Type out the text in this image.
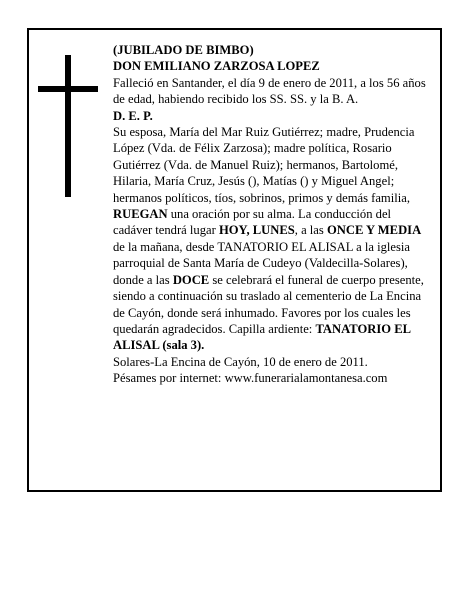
(JUBILADO DE BIMBO)

DON EMILIANO ZARZOSA LOPEZ

Falleció en Santander, el día 9 de enero de 2011, a los 56 años de edad, habiendo recibido los SS. SS. y la B. A.

D. E. P.

Su esposa, María del Mar Ruiz Gutiérrez; madre, Prudencia López (Vda. de Félix Zarzosa); madre política, Rosario Gutiérrez (Vda. de Manuel Ruiz); hermanos, Bartolomé, Hilaria, María Cruz, Jesús (), Matías () y Miguel Angel; hermanos políticos, tíos, sobrinos, primos y demás familia,

RUEGAN una oración por su alma. La conducción del cadáver tendrá lugar HOY, LUNES, a las ONCE Y MEDIA de la mañana, desde TANATORIO EL ALISAL a la iglesia parroquial de Santa María de Cudeyo (Valdecilla-Solares), donde a las DOCE se celebrará el funeral de cuerpo presente, siendo a continuación su traslado al cementerio de La Encina de Cayón, donde será inhumado. Favores por los cuales les quedarán agradecidos. Capilla ardiente: TANATORIO EL ALISAL (sala 3).

Solares-La Encina de Cayón, 10 de enero de 2011.

Pésames por internet: www.funerarialamontanesa.com
